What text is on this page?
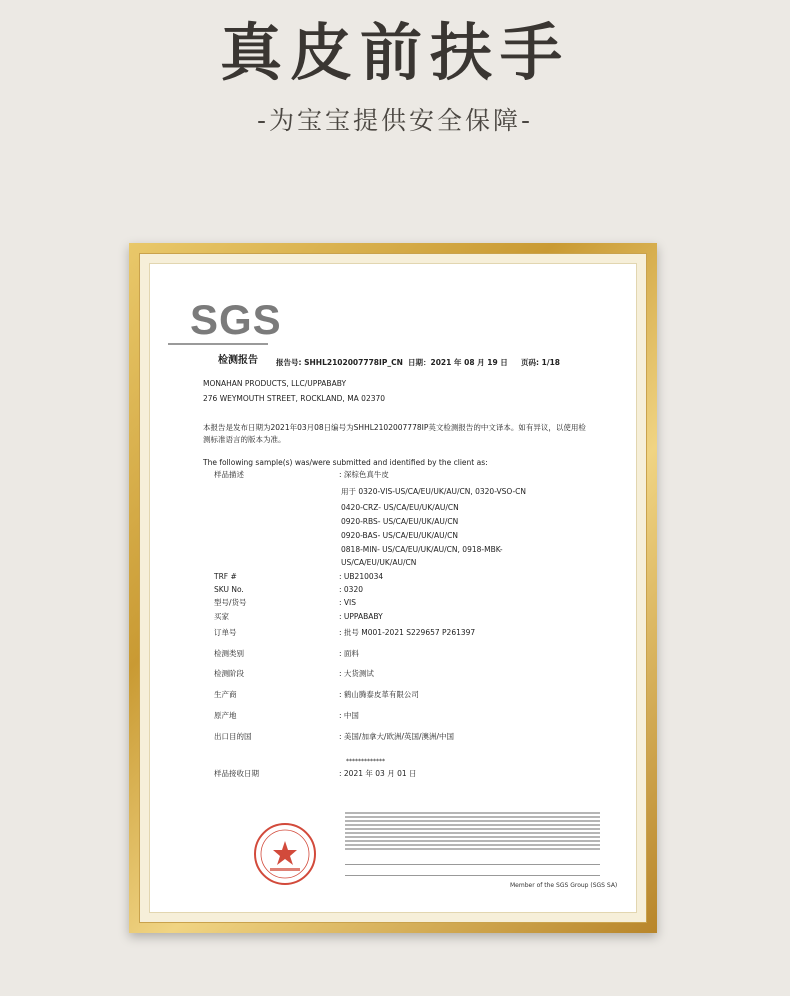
真皮前扶手
-为宝宝提供安全保障-
SGS
检测报告 报告号: SHHL2102007778IP_CN 日期：2021 年 08 月 19 日 页码: 1/18
MONAHAN PRODUCTS, LLC/UPPABABY
276 WEYMOUTH STREET, ROCKLAND, MA 02370
本报告是发布日期为2021年03月08日编号为SHHL2102007778IP英文检测报告的中文译本。如有异议，以使用检
测标准语言的版本为准。
The following sample(s) was/were submitted and identified by the client as:
样品描述	: 深棕色真牛皮
用于 0320-VIS-US/CA/EU/UK/AU/CN, 0320-VSO-CN
0420-CRZ- US/CA/EU/UK/AU/CN
0920-RBS- US/CA/EU/UK/AU/CN
0920-BAS- US/CA/EU/UK/AU/CN
0818-MIN- US/CA/EU/UK/AU/CN, 0918-MBK-
US/CA/EU/UK/AU/CN
TRF #	: UB210034
SKU No.	: 0320
型号/货号	: VIS
买家	: UPPABABY
订单号	: 批号 M001-2021 S229657 P261397
检测类别	: 面料
检测阶段	: 大货测试
生产商	: 鹤山腾泰皮革有限公司
原产地	: 中国
出口目的国	: 美国/加拿大/欧洲/英国/澳洲/中国
样品接收日期	: 2021 年 03 月 01 日
*************
Member of the SGS Group (SGS SA)
